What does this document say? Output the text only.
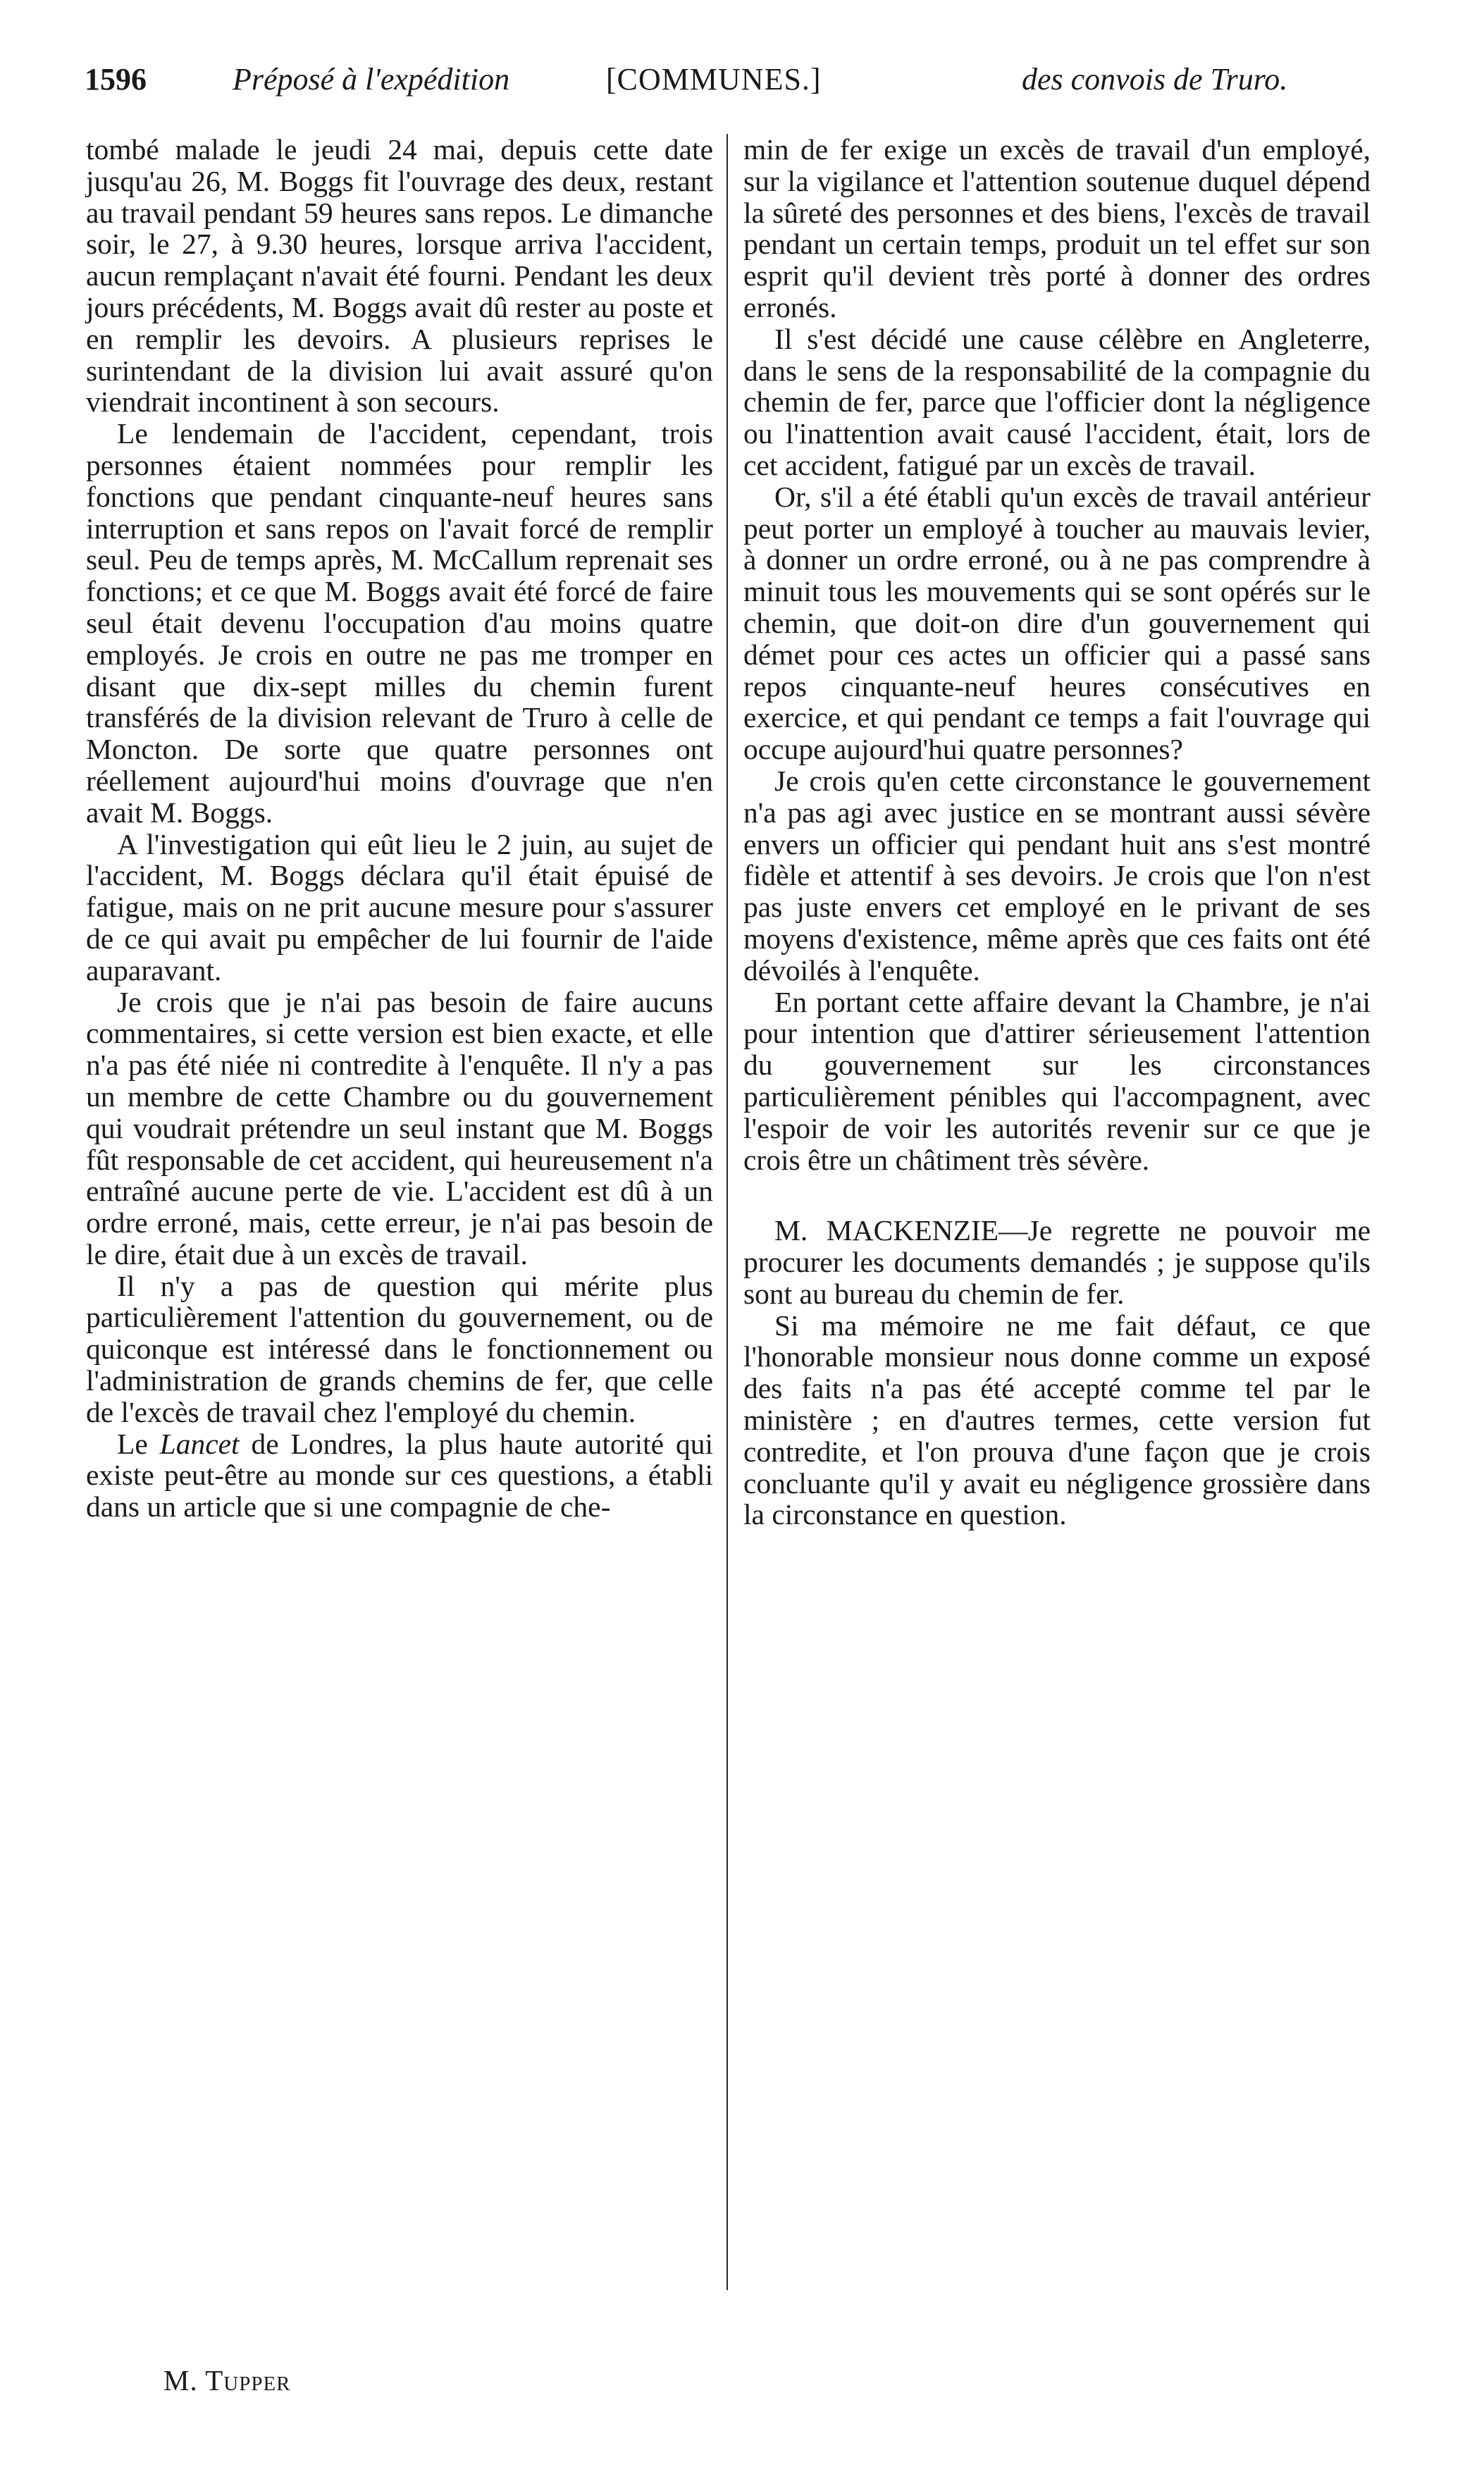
1596	Préposé à l'expédition	[COMMUNES.]	des convois de Truro.

tombé malade le jeudi 24 mai, depuis cette date jusqu'au 26, M. Boggs fit l'ouvrage des deux, restant au travail pendant 59 heures sans repos. Le dimanche soir, le 27, à 9.30 heures, lorsque arriva l'accident, aucun remplaçant n'avait été fourni. Pendant les deux jours précédents, M. Boggs avait dû rester au poste et en remplir les devoirs. A plusieurs reprises le surintendant de la division lui avait assuré qu'on viendrait incontinent à son secours.

Le lendemain de l'accident, cependant, trois personnes étaient nommées pour remplir les fonctions que pendant cinquante-neuf heures sans interruption et sans repos on l'avait forcé de remplir seul. Peu de temps après, M. McCallum reprenait ses fonctions; et ce que M. Boggs avait été forcé de faire seul était devenu l'occupation d'au moins quatre employés. Je crois en outre ne pas me tromper en disant que dix-sept milles du chemin furent transférés de la division relevant de Truro à celle de Moncton. De sorte que quatre personnes ont réellement aujourd'hui moins d'ouvrage que n'en avait M. Boggs.

A l'investigation qui eût lieu le 2 juin, au sujet de l'accident, M. Boggs déclara qu'il était épuisé de fatigue, mais on ne prit aucune mesure pour s'assurer de ce qui avait pu empêcher de lui fournir de l'aide auparavant.

Je crois que je n'ai pas besoin de faire aucuns commentaires, si cette version est bien exacte, et elle n'a pas été niée ni contredite à l'enquête. Il n'y a pas un membre de cette Chambre ou du gouvernement qui voudrait prétendre un seul instant que M. Boggs fût responsable de cet accident, qui heureusement n'a entraîné aucune perte de vie. L'accident est dû à un ordre erroné, mais, cette erreur, je n'ai pas besoin de le dire, était due à un excès de travail.

Il n'y a pas de question qui mérite plus particulièrement l'attention du gouvernement, ou de quiconque est intéressé dans le fonctionnement ou l'administration de grands chemins de fer, que celle de l'excès de travail chez l'employé du chemin.

Le Lancet de Londres, la plus haute autorité qui existe peut-être au monde sur ces questions, a établi dans un article que si une compagnie de che-

min de fer exige un excès de travail d'un employé, sur la vigilance et l'attention soutenue duquel dépend la sûreté des personnes et des biens, l'excès de travail pendant un certain temps, produit un tel effet sur son esprit qu'il devient très porté à donner des ordres erronés.

Il s'est décidé une cause célèbre en Angleterre, dans le sens de la responsabilité de la compagnie du chemin de fer, parce que l'officier dont la négligence ou l'inattention avait causé l'accident, était, lors de cet accident, fatigué par un excès de travail.

Or, s'il a été établi qu'un excès de travail antérieur peut porter un employé à toucher au mauvais levier, à donner un ordre erroné, ou à ne pas comprendre à minuit tous les mouvements qui se sont opérés sur le chemin, que doit-on dire d'un gouvernement qui démet pour ces actes un officier qui a passé sans repos cinquante-neuf heures consécutives en exercice, et qui pendant ce temps a fait l'ouvrage qui occupe aujourd'hui quatre personnes?

Je crois qu'en cette circonstance le gouvernement n'a pas agi avec justice en se montrant aussi sévère envers un officier qui pendant huit ans s'est montré fidèle et attentif à ses devoirs. Je crois que l'on n'est pas juste envers cet employé en le privant de ses moyens d'existence, même après que ces faits ont été dévoilés à l'enquête.

En portant cette affaire devant la Chambre, je n'ai pour intention que d'attirer sérieusement l'attention du gouvernement sur les circonstances particulièrement pénibles qui l'accompagnent, avec l'espoir de voir les autorités revenir sur ce que je crois être un châtiment très sévère.

M. MACKENZIE—Je regrette ne pouvoir me procurer les documents demandés ; je suppose qu'ils sont au bureau du chemin de fer.

Si ma mémoire ne me fait défaut, ce que l'honorable monsieur nous donne comme un exposé des faits n'a pas été accepté comme tel par le ministère ; en d'autres termes, cette version fut contredite, et l'on prouva d'une façon que je crois concluante qu'il y avait eu négligence grossière dans la circonstance en question.

M. Tupper
